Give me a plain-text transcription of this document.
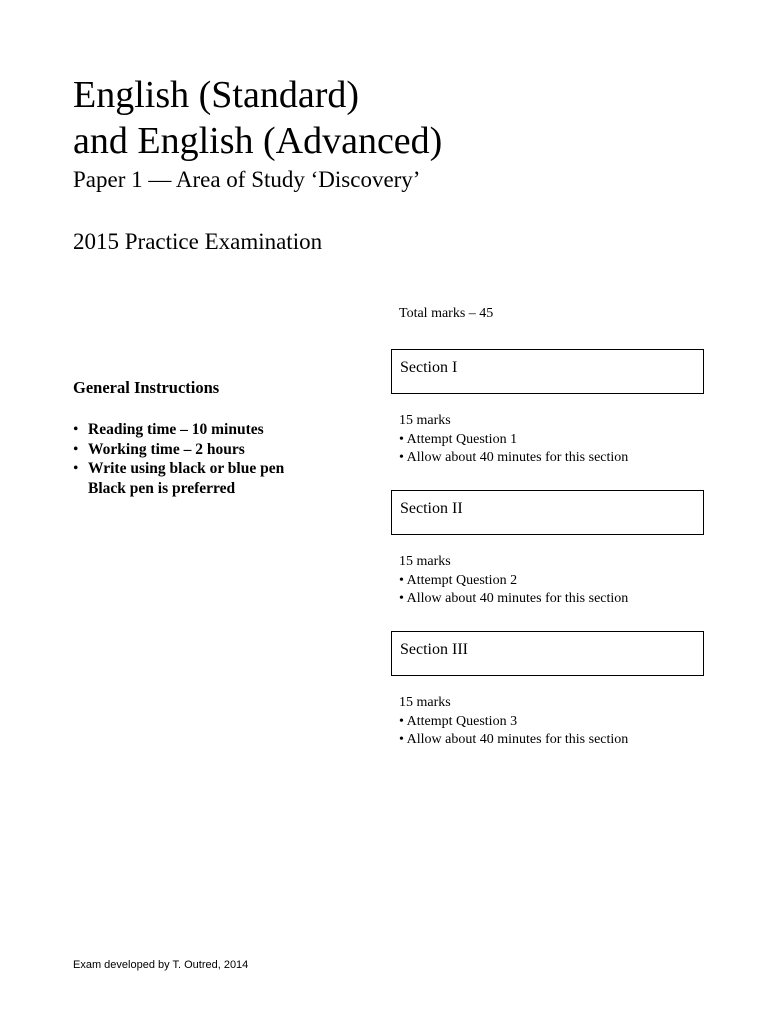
English (Standard)
and English (Advanced)
Paper 1 — Area of Study ‘Discovery’
2015 Practice Examination
General Instructions
• Reading time – 10 minutes
• Working time – 2 hours
• Write using black or blue pen
Black pen is preferred
Total marks – 45
Section I
15 marks
• Attempt Question 1
• Allow about 40 minutes for this section
Section II
15 marks
• Attempt Question 2
• Allow about 40 minutes for this section
Section III
15 marks
• Attempt Question 3
• Allow about 40 minutes for this section
Exam developed by T. Outred, 2014
